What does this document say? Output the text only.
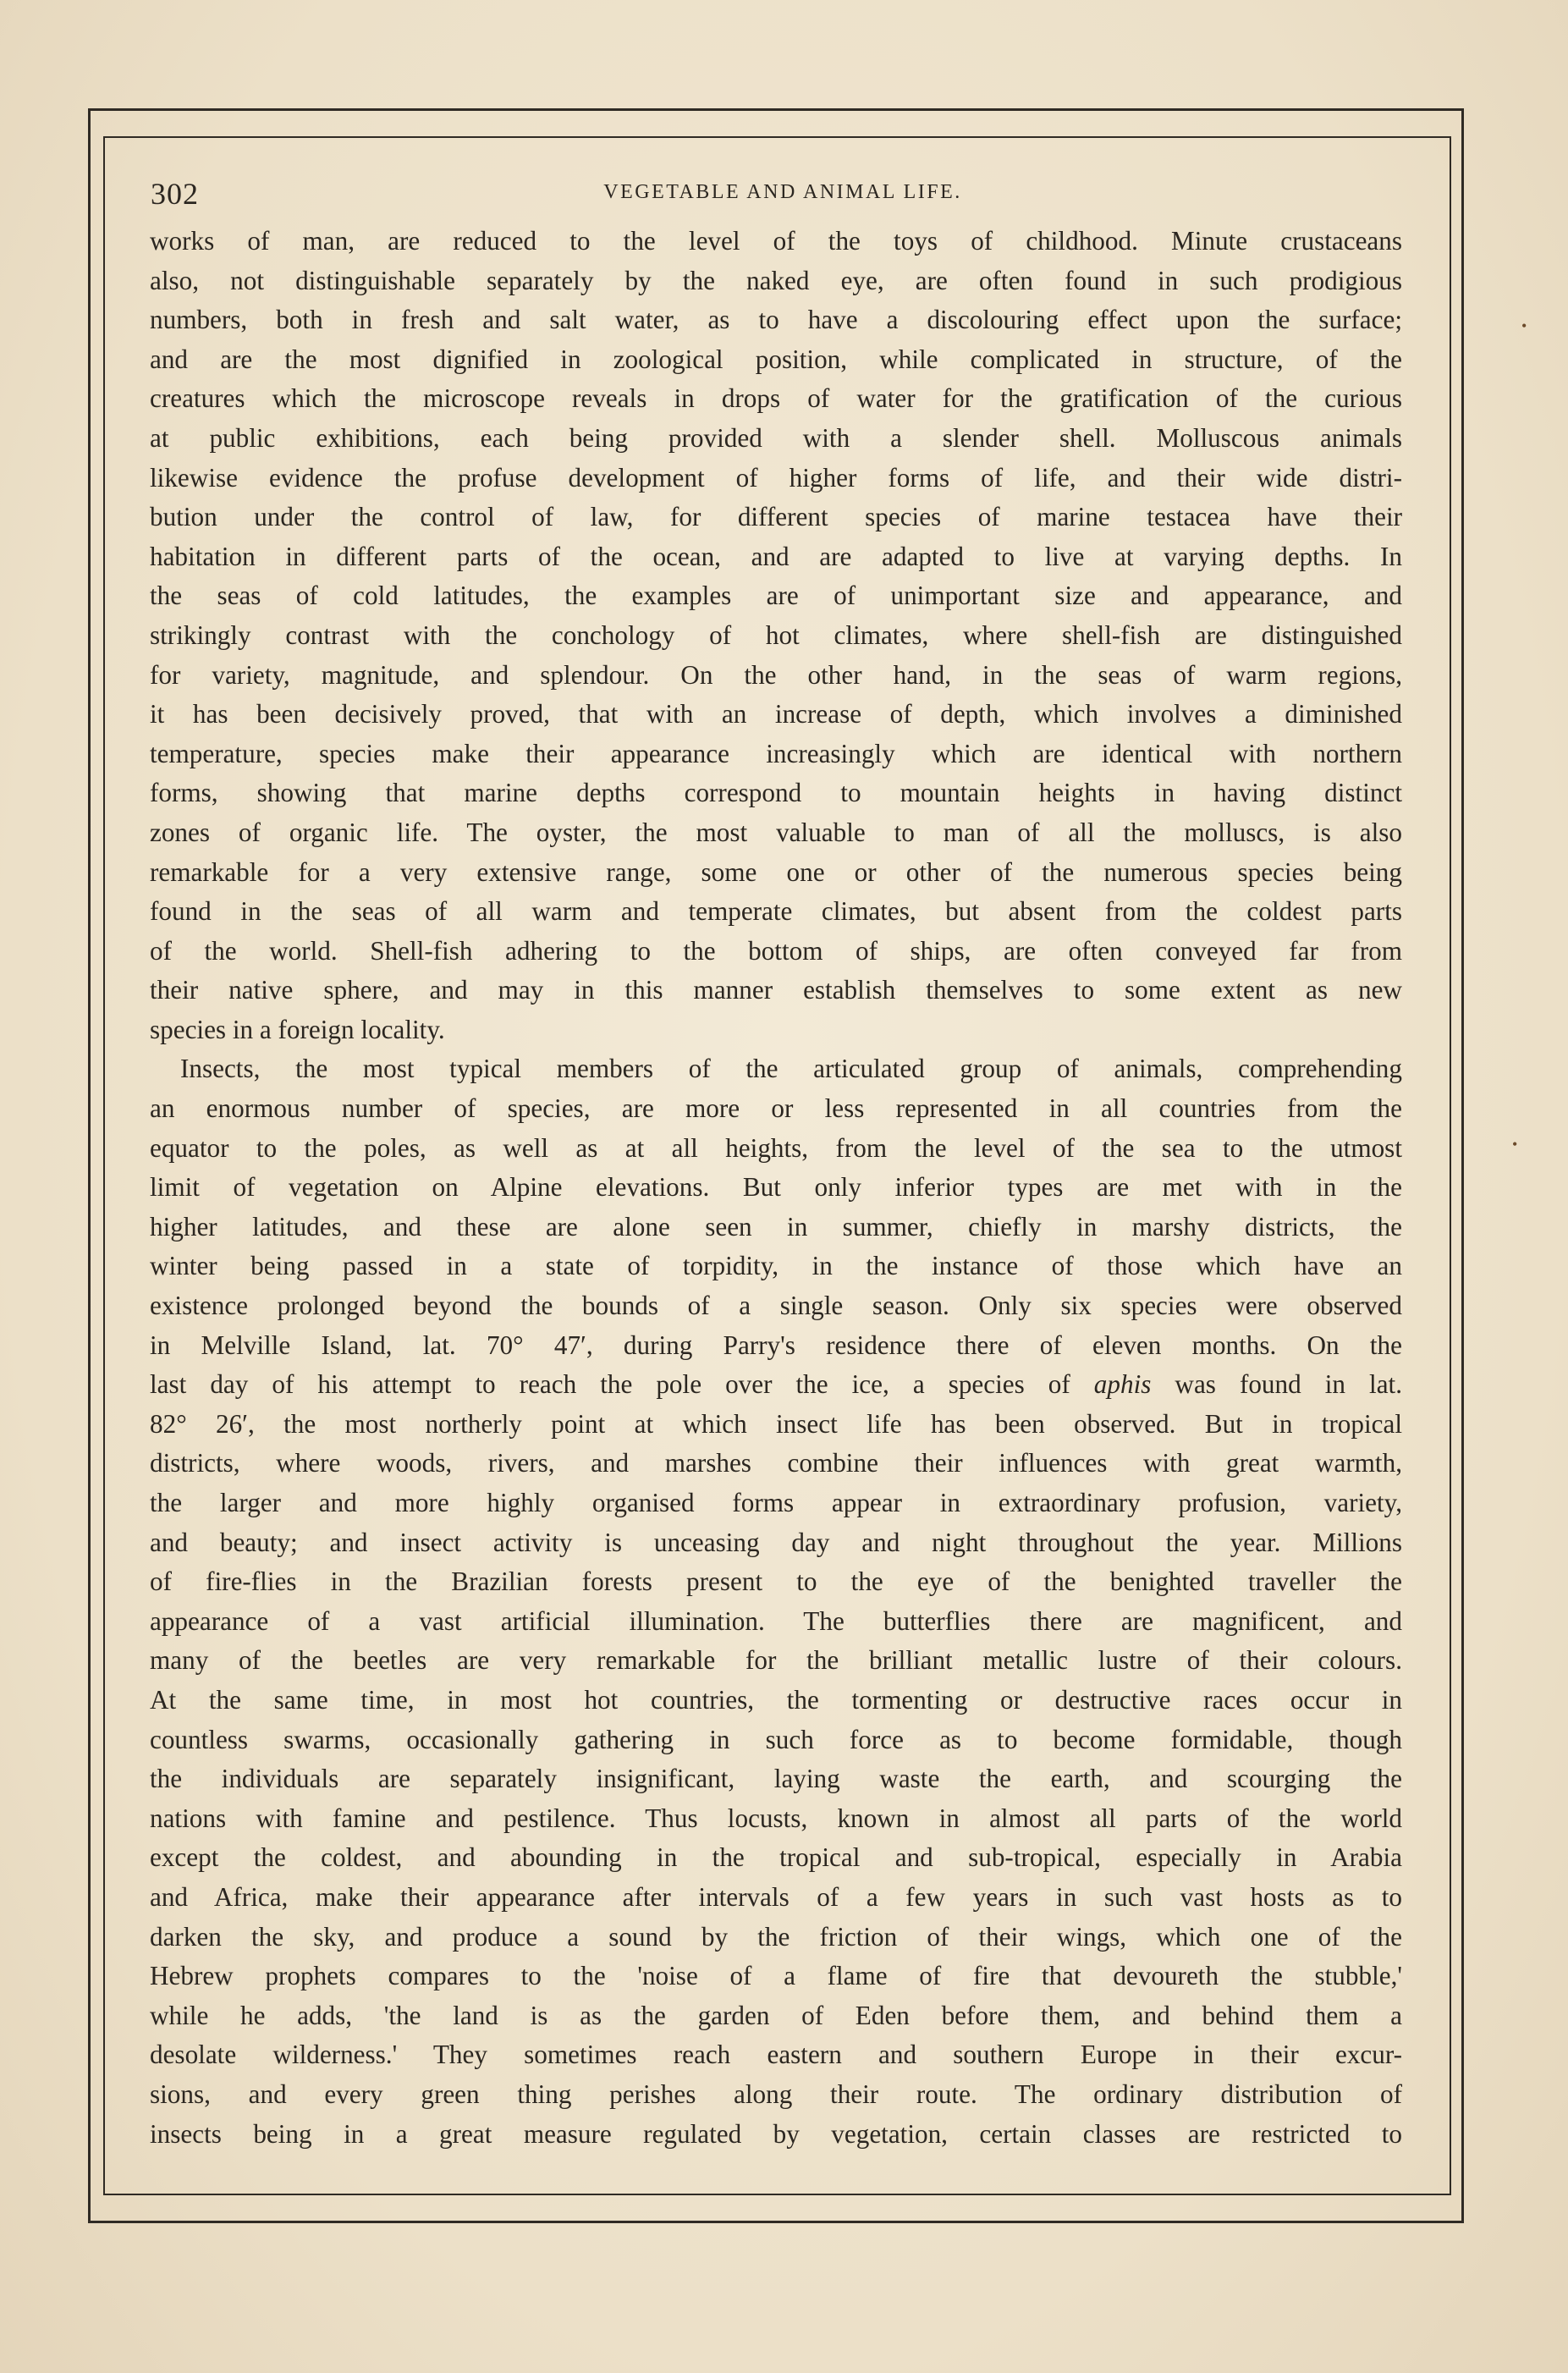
302	VEGETABLE AND ANIMAL LIFE.
works of man, are reduced to the level of the toys of childhood. Minute crustaceans
also, not distinguishable separately by the naked eye, are often found in such prodigious
numbers, both in fresh and salt water, as to have a discolouring effect upon the surface;
and are the most dignified in zoological position, while complicated in structure, of the
creatures which the microscope reveals in drops of water for the gratification of the curious
at public exhibitions, each being provided with a slender shell. Molluscous animals
likewise evidence the profuse development of higher forms of life, and their wide distri-
bution under the control of law, for different species of marine testacea have their
habitation in different parts of the ocean, and are adapted to live at varying depths. In
the seas of cold latitudes, the examples are of unimportant size and appearance, and
strikingly contrast with the conchology of hot climates, where shell-fish are distinguished
for variety, magnitude, and splendour. On the other hand, in the seas of warm regions,
it has been decisively proved, that with an increase of depth, which involves a diminished
temperature, species make their appearance increasingly which are identical with northern
forms, showing that marine depths correspond to mountain heights in having distinct
zones of organic life. The oyster, the most valuable to man of all the molluscs, is also
remarkable for a very extensive range, some one or other of the numerous species being
found in the seas of all warm and temperate climates, but absent from the coldest parts
of the world. Shell-fish adhering to the bottom of ships, are often conveyed far from
their native sphere, and may in this manner establish themselves to some extent as new
species in a foreign locality.
Insects, the most typical members of the articulated group of animals, comprehending
an enormous number of species, are more or less represented in all countries from the
equator to the poles, as well as at all heights, from the level of the sea to the utmost
limit of vegetation on Alpine elevations. But only inferior types are met with in the
higher latitudes, and these are alone seen in summer, chiefly in marshy districts, the
winter being passed in a state of torpidity, in the instance of those which have an
existence prolonged beyond the bounds of a single season. Only six species were observed
in Melville Island, lat. 70° 47′, during Parry's residence there of eleven months. On the
last day of his attempt to reach the pole over the ice, a species of aphis was found in lat.
82° 26′, the most northerly point at which insect life has been observed. But in tropical
districts, where woods, rivers, and marshes combine their influences with great warmth,
the larger and more highly organised forms appear in extraordinary profusion, variety,
and beauty; and insect activity is unceasing day and night throughout the year. Millions
of fire-flies in the Brazilian forests present to the eye of the benighted traveller the
appearance of a vast artificial illumination. The butterflies there are magnificent, and
many of the beetles are very remarkable for the brilliant metallic lustre of their colours.
At the same time, in most hot countries, the tormenting or destructive races occur in
countless swarms, occasionally gathering in such force as to become formidable, though
the individuals are separately insignificant, laying waste the earth, and scourging the
nations with famine and pestilence. Thus locusts, known in almost all parts of the world
except the coldest, and abounding in the tropical and sub-tropical, especially in Arabia
and Africa, make their appearance after intervals of a few years in such vast hosts as to
darken the sky, and produce a sound by the friction of their wings, which one of the
Hebrew prophets compares to the 'noise of a flame of fire that devoureth the stubble,'
while he adds, 'the land is as the garden of Eden before them, and behind them a
desolate wilderness.' They sometimes reach eastern and southern Europe in their excur-
sions, and every green thing perishes along their route. The ordinary distribution of
insects being in a great measure regulated by vegetation, certain classes are restricted to
•
•
